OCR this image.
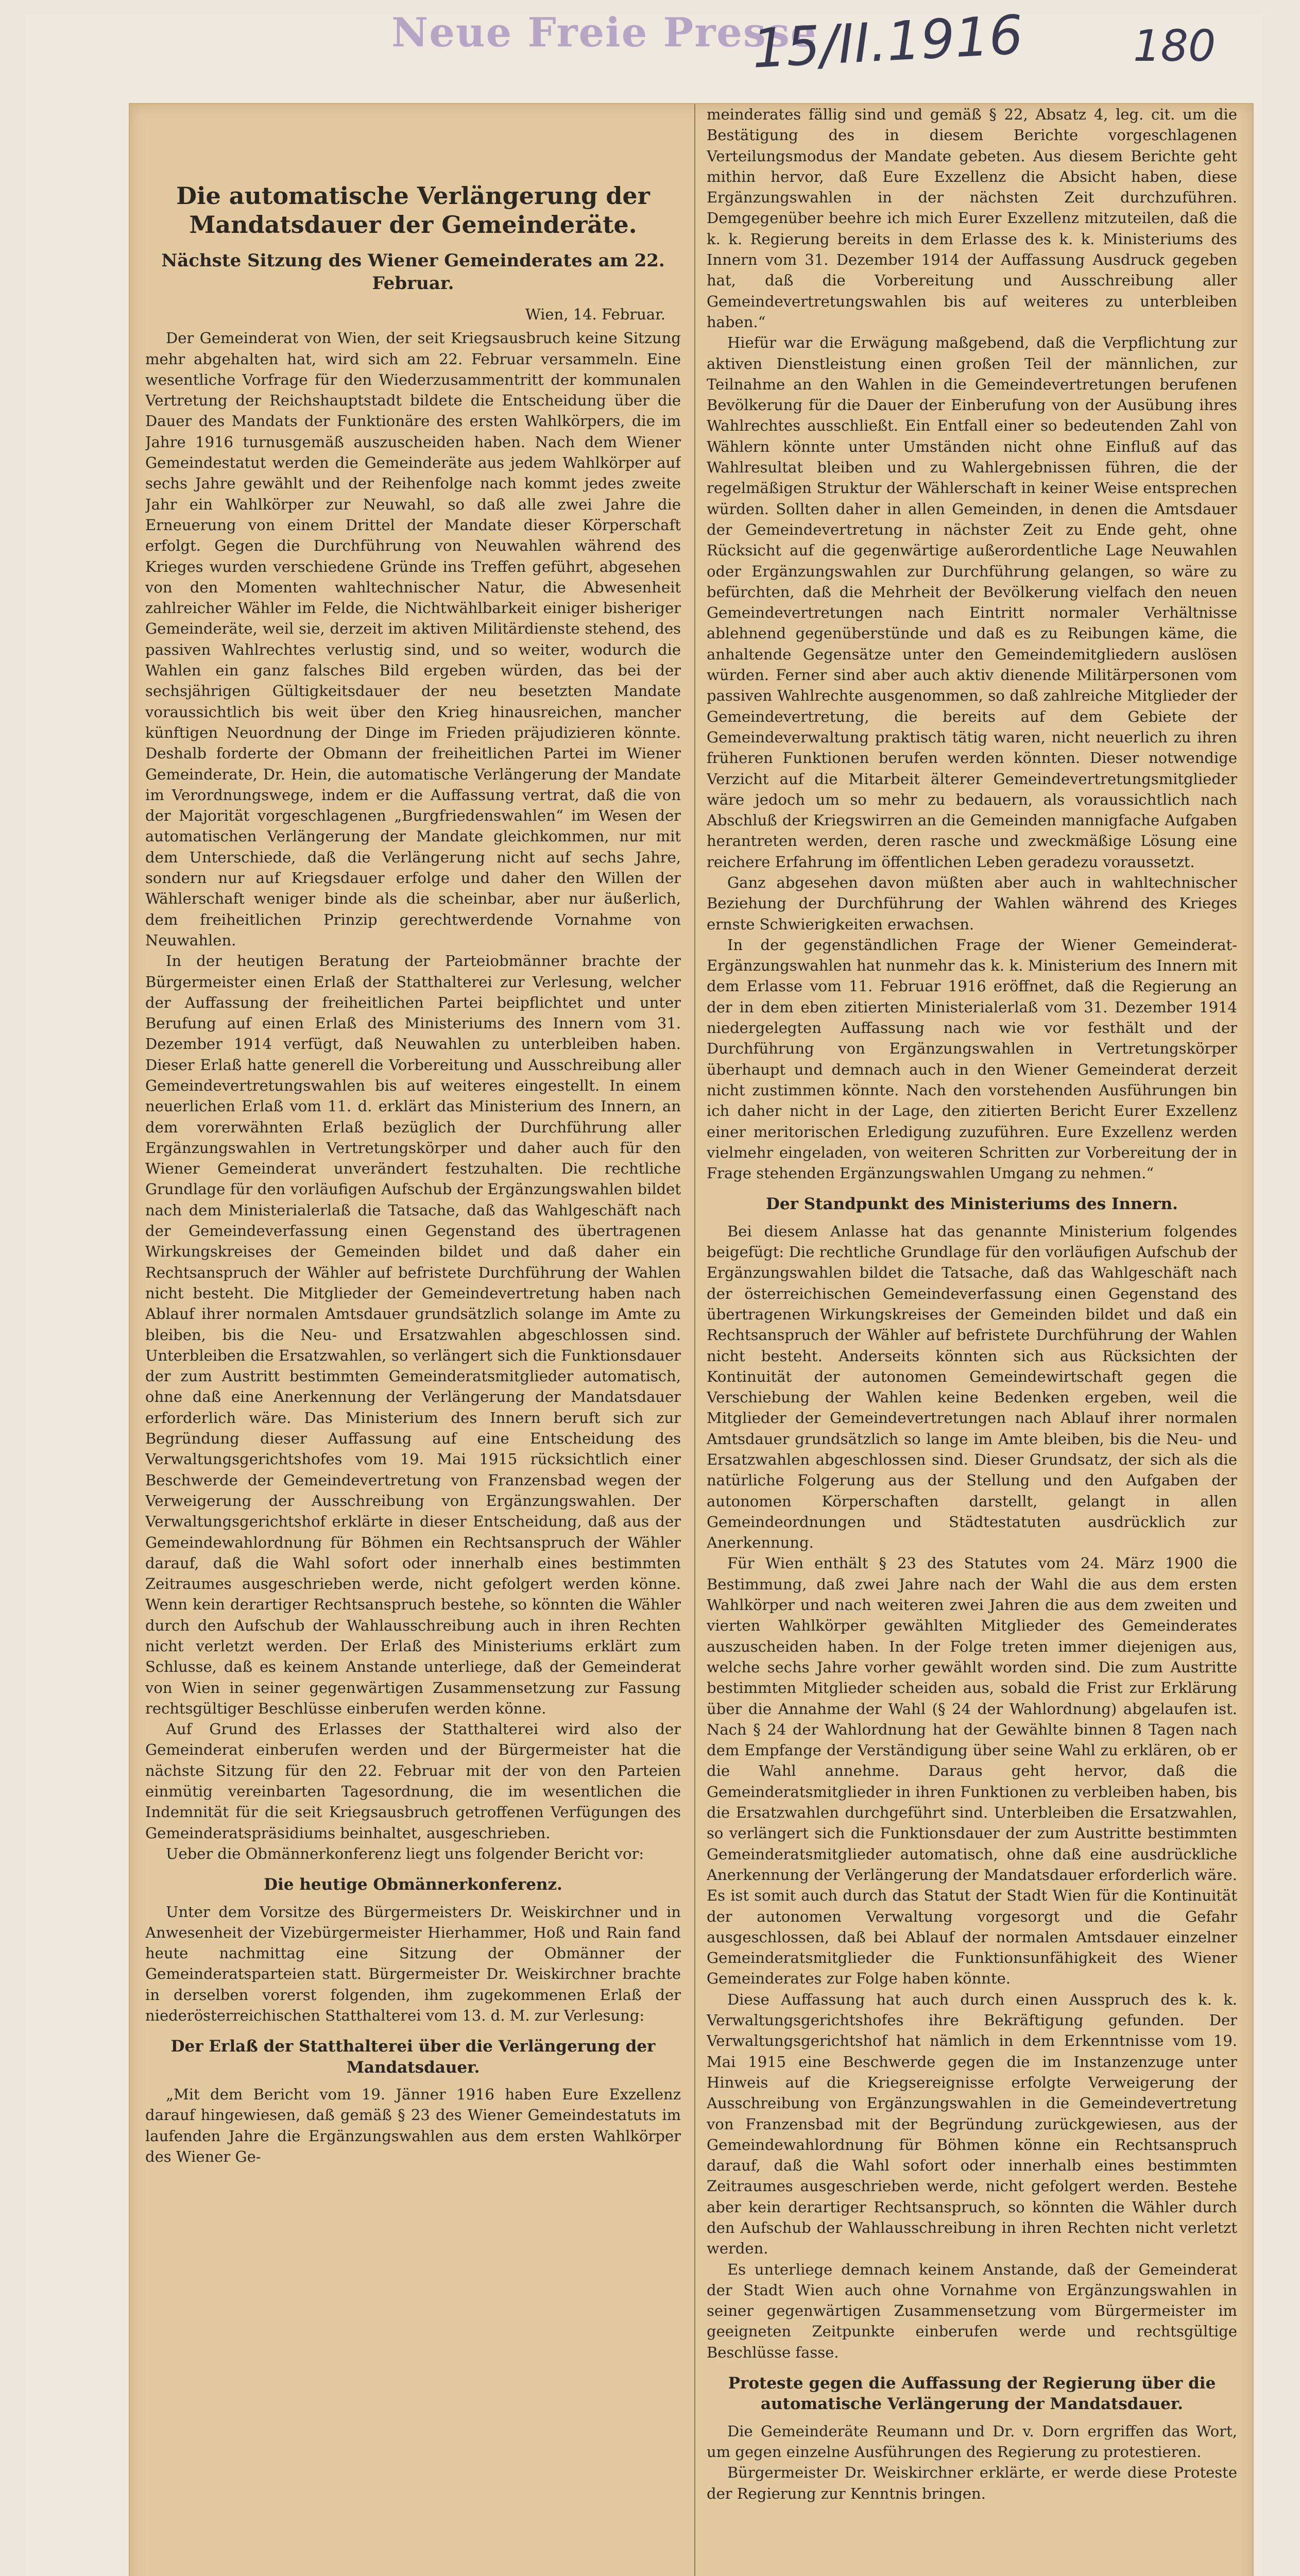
Neue Freie Presse
15/II.1916	180
Die automatische Verlängerung der Mandatsdauer der Gemeinderäte.
Nächste Sitzung des Wiener Gemeinderates am 22. Februar.
Wien, 14. Februar.

Der Gemeinderat von Wien, der seit Kriegsausbruch keine Sitzung mehr abgehalten hat, wird sich am 22. Februar versammeln. Eine wesentliche Vorfrage für den Wiederzusammentritt der kommunalen Vertretung der Reichshauptstadt bildete die Entscheidung über die Dauer des Mandats der Funktionäre des ersten Wahlkörpers, die im Jahre 1916 turnusgemäß auszuscheiden haben. Nach dem Wiener Gemeindestatut werden die Gemeinderäte aus jedem Wahlkörper auf sechs Jahre gewählt und der Reihenfolge nach kommt jedes zweite Jahr ein Wahlkörper zur Neuwahl, so daß alle zwei Jahre die Erneuerung von einem Drittel der Mandate dieser Körperschaft erfolgt. Gegen die Durchführung von Neuwahlen während des Krieges wurden verschiedene Gründe ins Treffen geführt, abgesehen von den Momenten wahltechnischer Natur, die Abwesenheit zahlreicher Wähler im Felde, die Nichtwählbarkeit einiger bisheriger Gemeinderäte, weil sie, derzeit im aktiven Militärdienste stehend, des passiven Wahlrechtes verlustig sind, und so weiter, wodurch die Wahlen ein ganz falsches Bild ergeben würden, das bei der sechsjährigen Gültigkeitsdauer der neu besetzten Mandate voraussichtlich bis weit über den Krieg hinausreichen, mancher künftigen Neuordnung der Dinge im Frieden präjudizieren könnte. Deshalb forderte der Obmann der freiheitlichen Partei im Wiener Gemeinderate, Dr. Hein, die automatische Verlängerung der Mandate im Verordnungswege, indem er die Auffassung vertrat, daß die von der Majorität vorgeschlagenen „Burgfriedenswahlen“ im Wesen der automatischen Verlängerung der Mandate gleichkommen, nur mit dem Unterschiede, daß die Verlängerung nicht auf sechs Jahre, sondern nur auf Kriegsdauer erfolge und daher den Willen der Wählerschaft weniger binde als die scheinbar, aber nur äußerlich, dem freiheitlichen Prinzip gerechtwerdende Vornahme von Neuwahlen.

In der heutigen Beratung der Parteiobmänner brachte der Bürgermeister einen Erlaß der Statthalterei zur Verlesung, welcher der Auffassung der freiheitlichen Partei beipflichtet und unter Berufung auf einen Erlaß des Ministeriums des Innern vom 31. Dezember 1914 verfügt, daß Neuwahlen zu unterbleiben haben. Dieser Erlaß hatte generell die Vorbereitung und Ausschreibung aller Gemeindevertretungswahlen bis auf weiteres eingestellt. In einem neuerlichen Erlaß vom 11. d. erklärt das Ministerium des Innern, an dem vorerwähnten Erlaß bezüglich der Durchführung aller Ergänzungswahlen in Vertretungskörper und daher auch für den Wiener Gemeinderat unverändert festzuhalten. Die rechtliche Grundlage für den vorläufigen Aufschub der Ergänzungswahlen bildet nach dem Ministerialerlaß die Tatsache, daß das Wahlgeschäft nach der Gemeindeverfassung einen Gegenstand des übertragenen Wirkungskreises der Gemeinden bildet und daß daher ein Rechtsanspruch der Wähler auf befristete Durchführung der Wahlen nicht besteht. Die Mitglieder der Gemeindevertretung haben nach Ablauf ihrer normalen Amtsdauer grundsätzlich solange im Amte zu bleiben, bis die Neu- und Ersatzwahlen abgeschlossen sind. Unterbleiben die Ersatzwahlen, so verlängert sich die Funktionsdauer der zum Austritt bestimmten Gemeinderatsmitglieder automatisch, ohne daß eine Anerkennung der Verlängerung der Mandatsdauer erforderlich wäre. Das Ministerium des Innern beruft sich zur Begründung dieser Auffassung auf eine Entscheidung des Verwaltungsgerichtshofes vom 19. Mai 1915 rücksichtlich einer Beschwerde der Gemeindevertretung von Franzensbad wegen der Verweigerung der Ausschreibung von Ergänzungswahlen. Der Verwaltungsgerichtshof erklärte in dieser Entscheidung, daß aus der Gemeindewahlordnung für Böhmen ein Rechtsanspruch der Wähler darauf, daß die Wahl sofort oder innerhalb eines bestimmten Zeitraumes ausgeschrieben werde, nicht gefolgert werden könne. Wenn kein derartiger Rechtsanspruch bestehe, so könnten die Wähler durch den Aufschub der Wahlausschreibung auch in ihren Rechten nicht verletzt werden. Der Erlaß des Ministeriums erklärt zum Schlusse, daß es keinem Anstande unterliege, daß der Gemeinderat von Wien in seiner gegenwärtigen Zusammensetzung zur Fassung rechtsgültiger Beschlüsse einberufen werden könne.

Auf Grund des Erlasses der Statthalterei wird also der Gemeinderat einberufen werden und der Bürgermeister hat die nächste Sitzung für den 22. Februar mit der von den Parteien einmütig vereinbarten Tagesordnung, die im wesentlichen die Indemnität für die seit Kriegsausbruch getroffenen Verfügungen des Gemeinderatspräsidiums beinhaltet, ausgeschrieben.

Ueber die Obmännerkonferenz liegt uns folgender Bericht vor:

Die heutige Obmännerkonferenz.

Unter dem Vorsitze des Bürgermeisters Dr. Weiskirchner und in Anwesenheit der Vizebürgermeister Hierhammer, Hoß und Rain fand heute nachmittag eine Sitzung der Obmänner der Gemeinderatsparteien statt. Bürgermeister Dr. Weiskirchner brachte in derselben vorerst folgenden, ihm zugekommenen Erlaß der niederösterreichischen Statthalterei vom 13. d. M. zur Verlesung:

Der Erlaß der Statthalterei über die Verlängerung der Mandatsdauer.

„Mit dem Bericht vom 19. Jänner 1916 haben Eure Exzellenz darauf hingewiesen, daß gemäß § 23 des Wiener Gemeindestatuts im laufenden Jahre die Ergänzungswahlen aus dem ersten Wahlkörper des Wiener Ge-

meinderates fällig sind und gemäß § 22, Absatz 4, leg. cit. um die Bestätigung des in diesem Berichte vorgeschlagenen Verteilungsmodus der Mandate gebeten. Aus diesem Berichte geht mithin hervor, daß Eure Exzellenz die Absicht haben, diese Ergänzungswahlen in der nächsten Zeit durchzuführen. Demgegenüber beehre ich mich Eurer Exzellenz mitzuteilen, daß die k. k. Regierung bereits in dem Erlasse des k. k. Ministeriums des Innern vom 31. Dezember 1914 der Auffassung Ausdruck gegeben hat, daß die Vorbereitung und Ausschreibung aller Gemeindevertretungswahlen bis auf weiteres zu unterbleiben haben.“

Hiefür war die Erwägung maßgebend, daß die Verpflichtung zur aktiven Dienstleistung einen großen Teil der männlichen, zur Teilnahme an den Wahlen in die Gemeindevertretungen berufenen Bevölkerung für die Dauer der Einberufung von der Ausübung ihres Wahlrechtes ausschließt. Ein Entfall einer so bedeutenden Zahl von Wählern könnte unter Umständen nicht ohne Einfluß auf das Wahlresultat bleiben und zu Wahlergebnissen führen, die der regelmäßigen Struktur der Wählerschaft in keiner Weise entsprechen würden. Sollten daher in allen Gemeinden, in denen die Amtsdauer der Gemeindevertretung in nächster Zeit zu Ende geht, ohne Rücksicht auf die gegenwärtige außerordentliche Lage Neuwahlen oder Ergänzungswahlen zur Durchführung gelangen, so wäre zu befürchten, daß die Mehrheit der Bevölkerung vielfach den neuen Gemeindevertretungen nach Eintritt normaler Verhältnisse ablehnend gegenüberstünde und daß es zu Reibungen käme, die anhaltende Gegensätze unter den Gemeindemitgliedern auslösen würden. Ferner sind aber auch aktiv dienende Militärpersonen vom passiven Wahlrechte ausgenommen, so daß zahlreiche Mitglieder der Gemeindevertretung, die bereits auf dem Gebiete der Gemeindeverwaltung praktisch tätig waren, nicht neuerlich zu ihren früheren Funktionen berufen werden könnten. Dieser notwendige Verzicht auf die Mitarbeit älterer Gemeindevertretungsmitglieder wäre jedoch um so mehr zu bedauern, als voraussichtlich nach Abschluß der Kriegswirren an die Gemeinden mannigfache Aufgaben herantreten werden, deren rasche und zweckmäßige Lösung eine reichere Erfahrung im öffentlichen Leben geradezu voraussetzt.

Ganz abgesehen davon müßten aber auch in wahltechnischer Beziehung der Durchführung der Wahlen während des Krieges ernste Schwierigkeiten erwachsen.

In der gegenständlichen Frage der Wiener Gemeinderat-Ergänzungswahlen hat nunmehr das k. k. Ministerium des Innern mit dem Erlasse vom 11. Februar 1916 eröffnet, daß die Regierung an der in dem eben zitierten Ministerialerlaß vom 31. Dezember 1914 niedergelegten Auffassung nach wie vor festhält und der Durchführung von Ergänzungswahlen in Vertretungskörper überhaupt und demnach auch in den Wiener Gemeinderat derzeit nicht zustimmen könnte. Nach den vorstehenden Ausführungen bin ich daher nicht in der Lage, den zitierten Bericht Eurer Exzellenz einer meritorischen Erledigung zuzuführen. Eure Exzellenz werden vielmehr eingeladen, von weiteren Schritten zur Vorbereitung der in Frage stehenden Ergänzungswahlen Umgang zu nehmen.“

Der Standpunkt des Ministeriums des Innern.

Bei diesem Anlasse hat das genannte Ministerium folgendes beigefügt: Die rechtliche Grundlage für den vorläufigen Aufschub der Ergänzungswahlen bildet die Tatsache, daß das Wahlgeschäft nach der österreichischen Gemeindeverfassung einen Gegenstand des übertragenen Wirkungskreises der Gemeinden bildet und daß ein Rechtsanspruch der Wähler auf befristete Durchführung der Wahlen nicht besteht. Anderseits könnten sich aus Rücksichten der Kontinuität der autonomen Gemeindewirtschaft gegen die Verschiebung der Wahlen keine Bedenken ergeben, weil die Mitglieder der Gemeindevertretungen nach Ablauf ihrer normalen Amtsdauer grundsätzlich so lange im Amte bleiben, bis die Neu- und Ersatzwahlen abgeschlossen sind. Dieser Grundsatz, der sich als die natürliche Folgerung aus der Stellung und den Aufgaben der autonomen Körperschaften darstellt, gelangt in allen Gemeindeordnungen und Städtestatuten ausdrücklich zur Anerkennung.

Für Wien enthält § 23 des Statutes vom 24. März 1900 die Bestimmung, daß zwei Jahre nach der Wahl die aus dem ersten Wahlkörper und nach weiteren zwei Jahren die aus dem zweiten und vierten Wahlkörper gewählten Mitglieder des Gemeinderates auszuscheiden haben. In der Folge treten immer diejenigen aus, welche sechs Jahre vorher gewählt worden sind. Die zum Austritte bestimmten Mitglieder scheiden aus, sobald die Frist zur Erklärung über die Annahme der Wahl (§ 24 der Wahlordnung) abgelaufen ist. Nach § 24 der Wahlordnung hat der Gewählte binnen 8 Tagen nach dem Empfange der Verständigung über seine Wahl zu erklären, ob er die Wahl annehme. Daraus geht hervor, daß die Gemeinderatsmitglieder in ihren Funktionen zu verbleiben haben, bis die Ersatzwahlen durchgeführt sind. Unterbleiben die Ersatzwahlen, so verlängert sich die Funktionsdauer der zum Austritte bestimmten Gemeinderatsmitglieder automatisch, ohne daß eine ausdrückliche Anerkennung der Verlängerung der Mandatsdauer erforderlich wäre. Es ist somit auch durch das Statut der Stadt Wien für die Kontinuität der autonomen Verwaltung vorgesorgt und die Gefahr ausgeschlossen, daß bei Ablauf der normalen Amtsdauer einzelner Gemeinderatsmitglieder die Funktionsunfähigkeit des Wiener Gemeinderates zur Folge haben könnte.

Diese Auffassung hat auch durch einen Ausspruch des k. k. Verwaltungsgerichtshofes ihre Bekräftigung gefunden. Der Verwaltungsgerichtshof hat nämlich in dem Erkenntnisse vom 19. Mai 1915 eine Beschwerde gegen die im Instanzenzuge unter Hinweis auf die Kriegsereignisse erfolgte Verweigerung der Ausschreibung von Ergänzungswahlen in die Gemeindevertretung von Franzensbad mit der Begründung zurückgewiesen, aus der Gemeindewahlordnung für Böhmen könne ein Rechtsanspruch darauf, daß die Wahl sofort oder innerhalb eines bestimmten Zeitraumes ausgeschrieben werde, nicht gefolgert werden. Bestehe aber kein derartiger Rechtsanspruch, so könnten die Wähler durch den Aufschub der Wahlausschreibung in ihren Rechten nicht verletzt werden.

Es unterliege demnach keinem Anstande, daß der Gemeinderat der Stadt Wien auch ohne Vornahme von Ergänzungswahlen in seiner gegenwärtigen Zusammensetzung vom Bürgermeister im geeigneten Zeitpunkte einberufen werde und rechtsgültige Beschlüsse fasse.

Proteste gegen die Auffassung der Regierung über die automatische Verlängerung der Mandatsdauer.

Die Gemeinderäte Reumann und Dr. v. Dorn ergriffen das Wort, um gegen einzelne Ausführungen des Regierung zu protestieren.

Bürgermeister Dr. Weiskirchner erklärte, er werde diese Proteste der Regierung zur Kenntnis bringen.
